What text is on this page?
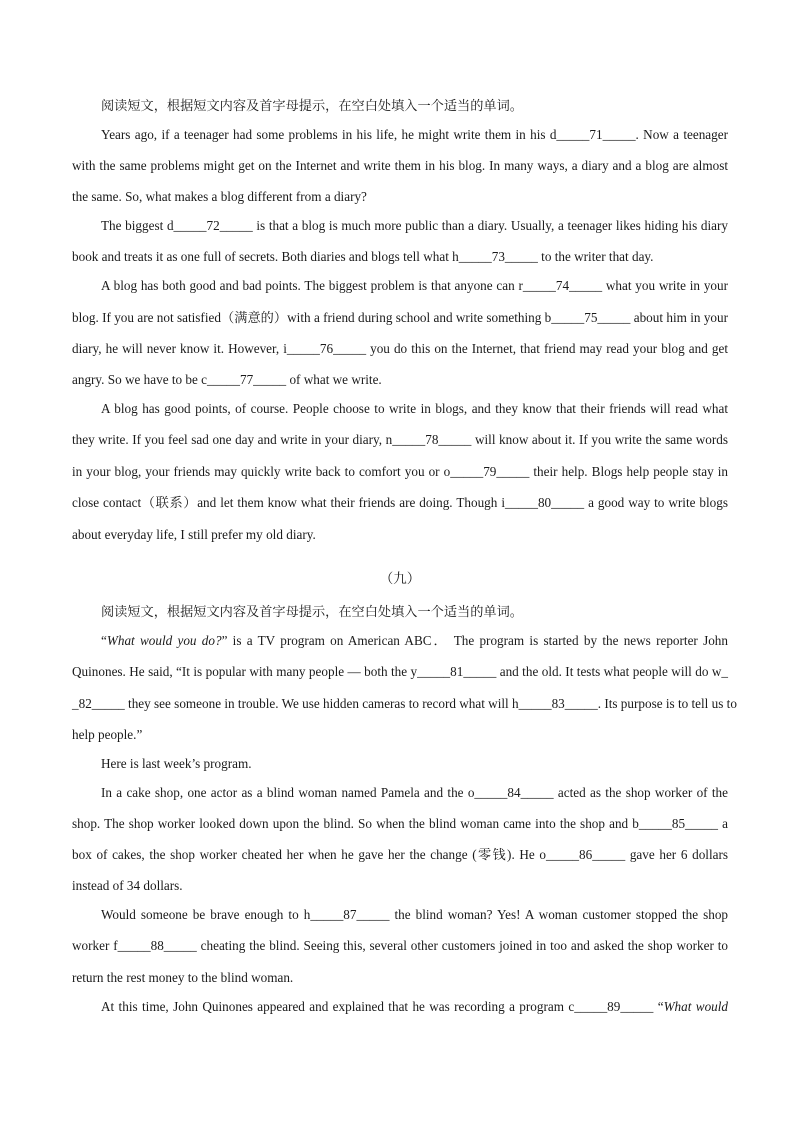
阅读短文，根据短文内容及首字母提示，在空白处填入一个适当的单词。
Years ago, if a teenager had some problems in his life, he might write them in his d_____71_____. Now a teenager
with the same problems might get on the Internet and write them in his blog. In many ways, a diary and a blog are almost
the same. So, what makes a blog different from a diary?
The biggest d_____72_____ is that a blog is much more public than a diary. Usually, a teenager likes hiding his diary
book and treats it as one full of secrets. Both diaries and blogs tell what h_____73_____ to the writer that day.
A blog has both good and bad points. The biggest problem is that anyone can r_____74_____ what you write in your
blog. If you are not satisfied（满意的）with a friend during school and write something b_____75_____ about him in your
diary, he will never know it. However, i_____76_____ you do this on the Internet, that friend may read your blog and get
angry. So we have to be c_____77_____ of what we write.
A blog has good points, of course. People choose to write in blogs, and they know that their friends will read what
they write. If you feel sad one day and write in your diary, n_____78_____ will know about it. If you write the same words
in your blog, your friends may quickly write back to comfort you or o_____79_____ their help. Blogs help people stay in
close contact（联系）and let them know what their friends are doing. Though i_____80_____ a good way to write blogs
about everyday life, I still prefer my old diary.
（九）
阅读短文，根据短文内容及首字母提示，在空白处填入一个适当的单词。
“What would you do?” is a TV program on American ABC． The program is started by the news reporter John
Quinones. He said, “It is popular with many people — both the y_____81_____ and the old. It tests what people will do w_
_82_____ they see someone in trouble. We use hidden cameras to record what will h_____83_____. Its purpose is to tell us to
help people.”
Here is last week’s program.
In a cake shop, one actor as a blind woman named Pamela and the o_____84_____ acted as the shop worker of the
shop. The shop worker looked down upon the blind. So when the blind woman came into the shop and b_____85_____ a
box of cakes, the shop worker cheated her when he gave her the change (零钱). He o_____86_____ gave her 6 dollars
instead of 34 dollars.
Would someone be brave enough to h_____87_____ the blind woman? Yes! A woman customer stopped the shop
worker f_____88_____ cheating the blind. Seeing this, several other customers joined in too and asked the shop worker to
return the rest money to the blind woman.
At this time, John Quinones appeared and explained that he was recording a program c_____89_____ “What would
